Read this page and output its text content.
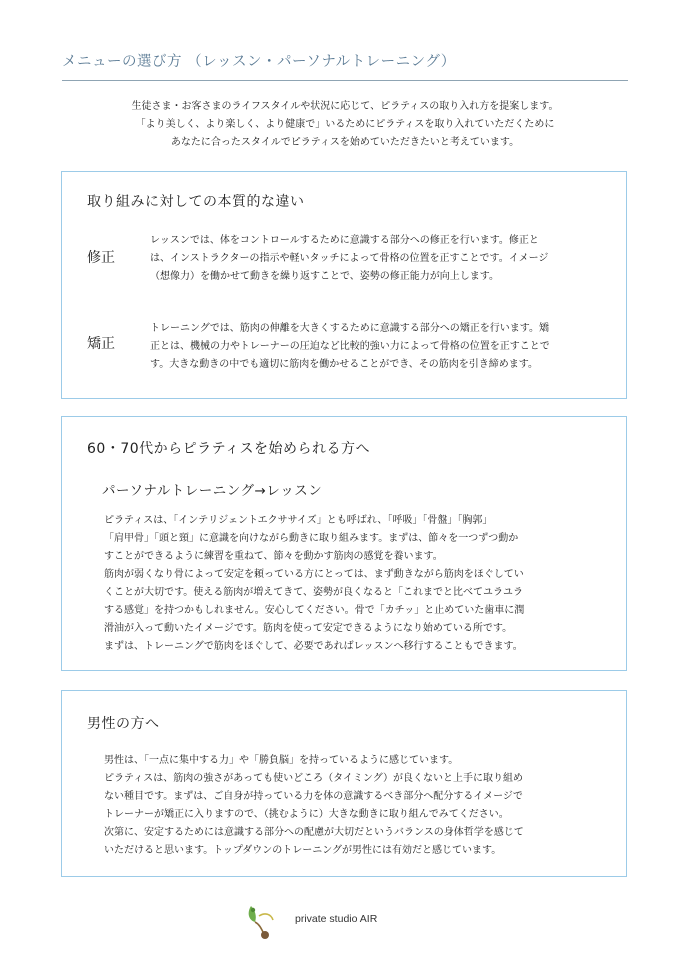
メニューの選び方 （レッスン・パーソナルトレーニング）
生徒さま・お客さまのライフスタイルや状況に応じて、ピラティスの取り入れ方を提案します。
「より美しく、より楽しく、より健康で」いるためにピラティスを取り入れていただくために
あなたに合ったスタイルでピラティスを始めていただきたいと考えています。
取り組みに対しての本質的な違い
修正
レッスンでは、体をコントロールするために意識する部分への修正を行います。修正と
は、インストラクターの指示や軽いタッチによって骨格の位置を正すことです。イメージ
（想像力）を働かせて動きを繰り返すことで、姿勢の修正能力が向上します。
矯正
トレーニングでは、筋肉の伸離を大きくするために意識する部分への矯正を行います。矯
正とは、機械の力やトレーナーの圧迫など比較的強い力によって骨格の位置を正すことで
す。大きな動きの中でも適切に筋肉を働かせることができ、その筋肉を引き締めます。
60・70代からピラティスを始められる方へ
パーソナルトレーニング→レッスン
ピラティスは、「インテリジェントエクササイズ」とも呼ばれ、「呼吸」「骨盤」「胸郭」
「肩甲骨」「頭と頸」に意識を向けながら動きに取り組みます。まずは、節々を一つずつ動か
すことができるように練習を重ねて、節々を動かす筋肉の感覚を養います。
筋肉が弱くなり骨によって安定を頼っている方にとっては、まず動きながら筋肉をほぐしてい
くことが大切です。使える筋肉が増えてきて、姿勢が良くなると「これまでと比べてユラユラ
する感覚」を持つかもしれません。安心してください。骨で「カチッ」と止めていた歯車に潤
滑油が入って動いたイメージです。筋肉を使って安定できるようになり始めている所です。
まずは、トレーニングで筋肉をほぐして、必要であればレッスンへ移行することもできます。
男性の方へ
男性は、「一点に集中する力」や「勝負脳」を持っているように感じています。
ピラティスは、筋肉の強さがあっても使いどころ（タイミング）が良くないと上手に取り組め
ない種目です。まずは、ご自身が持っている力を体の意識するべき部分へ配分するイメージで
トレーナーが矯正に入りますので、（挑むように）大きな動きに取り組んでみてください。
次第に、安定するためには意識する部分への配慮が大切だというバランスの身体哲学を感じて
いただけると思います。トップダウンのトレーニングが男性には有効だと感じています。
private studio AIR
